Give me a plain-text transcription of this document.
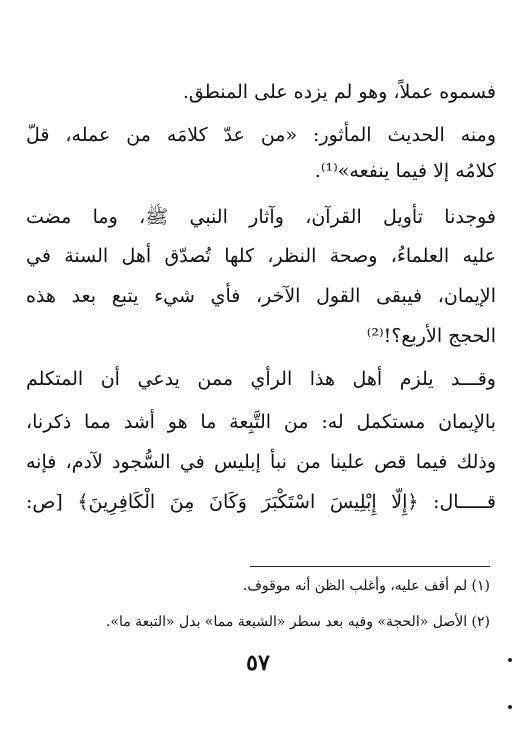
فسموه عملاً، وهو لم يزده على المنطق.
ومنه الحديث المأثور: «من عدّ كلامَه من عمله، قلّ
كلامُه إلا فيما ينفعه»⁽¹⁾.
فوجدنا تأويل القرآن، وآثار النبي ﷺ، وما مضت
عليه العلماءُ، وصحة النظر، كلها تُصدّق أهل السنة في
الإيمان، فيبقى القول الآخر، فأي شيء يتبع بعد هذه
الحجج الأربع؟!⁽²⁾
وقـــد يلزم أهل هذا الرأي ممن يدعي أن المتكلم
بالإيمان مستكمل له: من التَّبِعة ما هو أشد مما ذكرنا،
وذلك فيما قص علينا من نبأ إبليس في السُّجود لآدم، فإنه
قـــــال: ﴿إِلَّا إِبْلِيسَ اسْتَكْبَرَ وَكَانَ مِنَ الْكَافِرِينَ﴾ [ص:
(١) لم أقف عليه، وأغلب الظن أنه موقوف.
(٢) الأصل «الحجة» وفيه بعد سطر «الشيعة مما» بدل «التبعة ما».
٥٧
